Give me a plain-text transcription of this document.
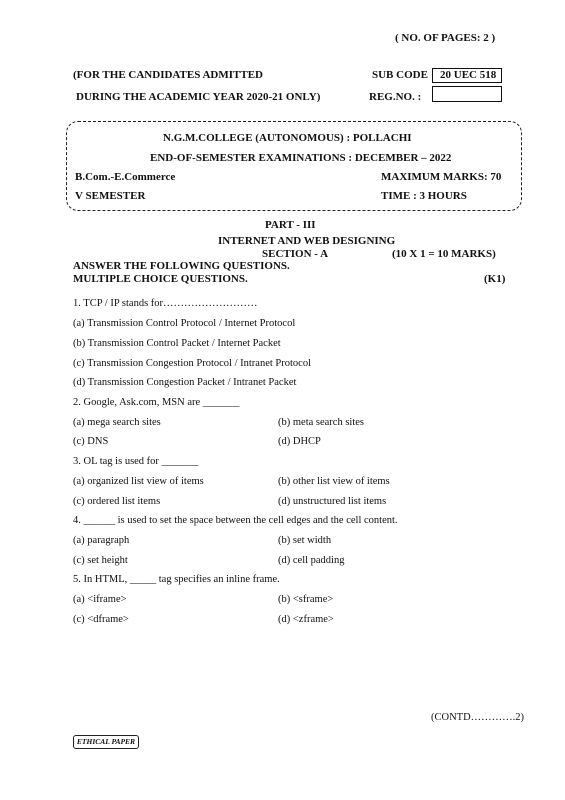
( NO. OF PAGES: 2 )
(FOR THE CANDIDATES ADMITTED
DURING THE ACADEMIC YEAR 2020-21 ONLY)
SUB CODE 20 UEC 518
REG.NO. :
N.G.M.COLLEGE (AUTONOMOUS) : POLLACHI
END-OF-SEMESTER EXAMINATIONS : DECEMBER – 2022
B.Com.-E.Commerce	MAXIMUM MARKS: 70
V SEMESTER	TIME : 3 HOURS
PART - III
INTERNET AND WEB DESIGNING
SECTION - A	(10 X 1 = 10 MARKS)
ANSWER THE FOLLOWING QUESTIONS.
MULTIPLE CHOICE QUESTIONS.	(K1)
1. TCP / IP stands for………………………
(a) Transmission Control Protocol / Internet Protocol
(b) Transmission Control Packet / Internet Packet
(c) Transmission Congestion Protocol / Intranet Protocol
(d) Transmission Congestion Packet / Intranet Packet
2. Google, Ask.com, MSN are _______
(a) mega search sites	(b) meta search sites
(c) DNS	(d) DHCP
3. OL tag is used for _______
(a) organized list view of items	(b) other list view of items
(c) ordered list items	(d) unstructured list items
4. ______ is used to set the space between the cell edges and the cell content.
(a) paragraph	(b) set width
(c) set height	(d) cell padding
5. In HTML, _____ tag specifies an inline frame.
(a) <iframe>	(b) <sframe>
(c) <dframe>	(d) <zframe>
(CONTD………….2)
ETHICAL PAPER
